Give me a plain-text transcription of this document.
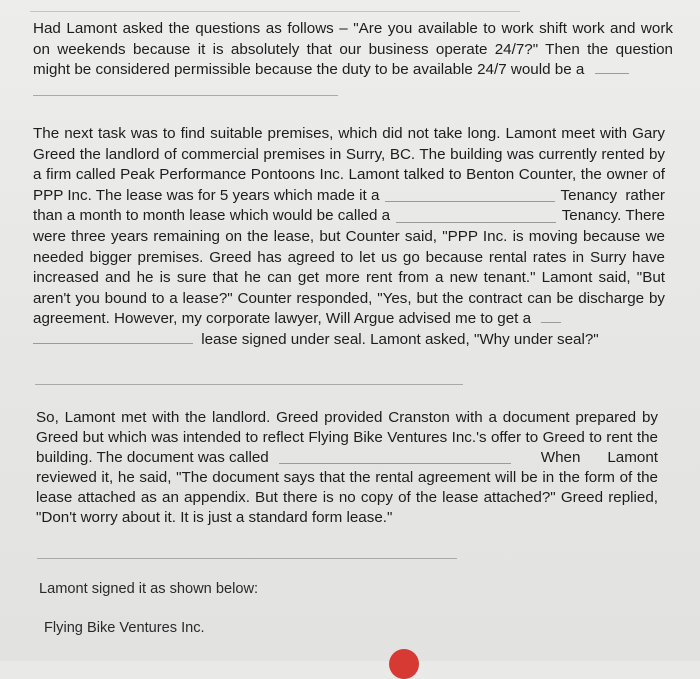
Had Lamont asked the questions as follows – "Are you available to work shift work and work
on weekends because it is absolutely that our business operate 24/7?" Then the question
might be considered permissible because the duty to be available 24/7 would be a
The next task was to find suitable premises, which did not take long. Lamont meet with Gary
Greed the landlord of commercial premises in Surry, BC. The building was currently rented by
a firm called Peak Performance Pontoons Inc. Lamont talked to Benton Counter, the owner of
PPP Inc. The lease was for 5 years which made it a	Tenancy rather
than a month to month lease which would be called a	Tenancy. There
were three years remaining on the lease, but Counter said, "PPP Inc. is moving because we
needed bigger premises. Greed has agreed to let us go because rental rates in Surry have
increased and he is sure that he can get more rent from a new tenant." Lamont said, "But
aren't you bound to a lease?" Counter responded, "Yes, but the contract can be discharge by
agreement. However, my corporate lawyer, Will Argue advised me to get a
lease signed under seal. Lamont asked, "Why under seal?"
So, Lamont met with the landlord. Greed provided Cranston with a document prepared by
Greed but which was intended to reflect Flying Bike Ventures Inc.'s offer to Greed to rent the
building. The document was called	When Lamont
reviewed it, he said, "The document says that the rental agreement will be in the form of the
lease attached as an appendix. But there is no copy of the lease attached?" Greed replied,
"Don't worry about it. It is just a standard form lease."
Lamont signed it as shown below:
Flying Bike Ventures Inc.
